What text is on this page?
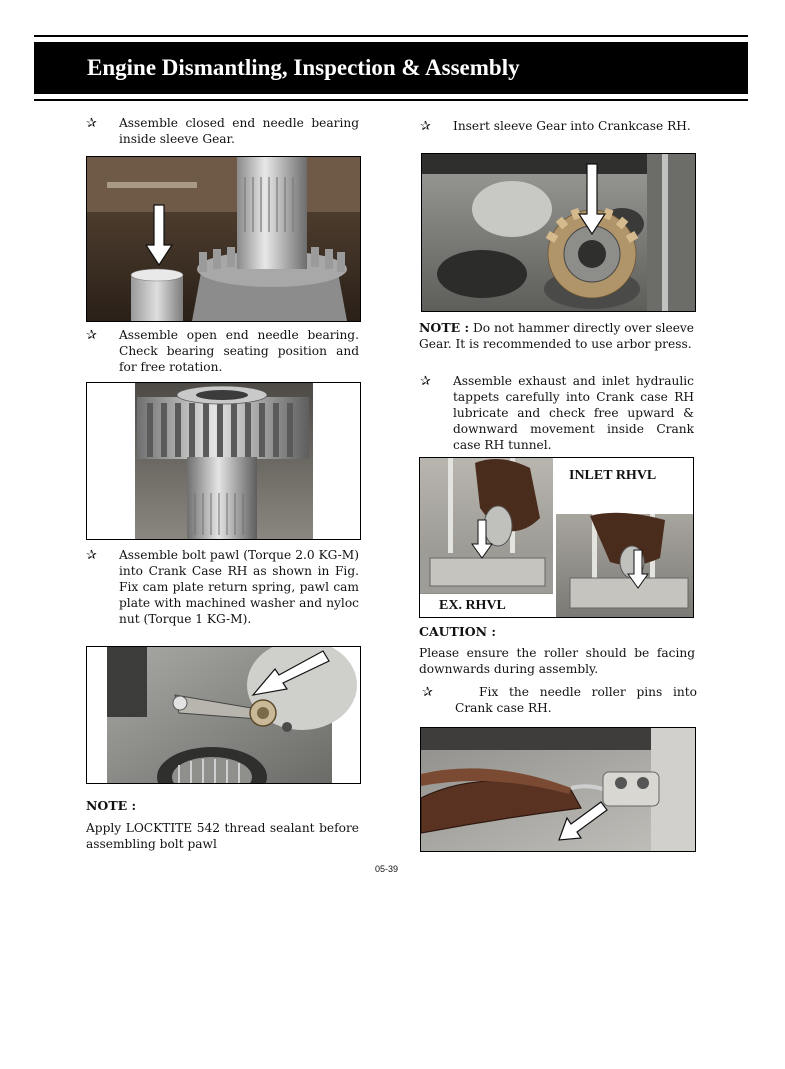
Engine Dismantling, Inspection & Assembly
✰ Assemble closed end needle bearing inside sleeve Gear.
✰ Assemble open end needle bearing. Check bearing seating position and for free rotation.
✰ Assemble bolt pawl (Torque 2.0 KG-M) into Crank Case RH as shown in Fig. Fix cam plate return spring, pawl cam plate with machined washer and nyloc nut (Torque 1 KG-M).
NOTE :
Apply LOCKTITE 542 thread sealant before assembling bolt pawl
✰ Insert sleeve Gear into Crankcase RH.
NOTE : Do not hammer directly over sleeve Gear. It is recommended to use arbor press.
✰ Assemble exhaust and inlet hydraulic tappets carefully into Crank case RH lubricate and check free upward & downward movement inside Crank case RH tunnel.
INLET RHVL
EX. RHVL
CAUTION :
Please ensure the roller should be facing downwards during assembly.
✰	Fix the needle roller pins into Crank case RH.
05-39
